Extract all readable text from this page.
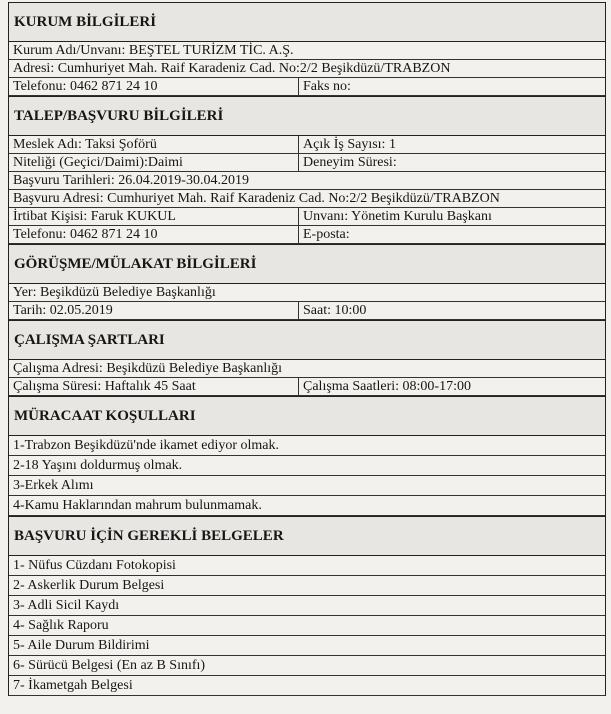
KURUM BİLGİLERİ
Kurum Adı/Unvanı: BEŞTEL TURİZM TİC. A.Ş.
Adresi: Cumhuriyet Mah. Raif Karadeniz Cad. No:2/2 Beşikdüzü/TRABZON
Telefonu: 0462 871 24 10	Faks no:
TALEP/BAŞVURU BİLGİLERİ
Meslek Adı: Taksi Şoförü	Açık İş Sayısı: 1
Niteliği (Geçici/Daimi):Daimi	Deneyim Süresi:
Başvuru Tarihleri: 26.04.2019-30.04.2019
Başvuru Adresi: Cumhuriyet Mah. Raif Karadeniz Cad. No:2/2 Beşikdüzü/TRABZON
İrtibat Kişisi: Faruk KUKUL	Unvanı: Yönetim Kurulu Başkanı
Telefonu: 0462 871 24 10	E-posta:
GÖRÜŞME/MÜLAKAT BİLGİLERİ
Yer: Beşikdüzü Belediye Başkanlığı
Tarih: 02.05.2019	Saat: 10:00
ÇALIŞMA ŞARTLARI
Çalışma Adresi: Beşikdüzü Belediye Başkanlığı
Çalışma Süresi: Haftalık 45 Saat	Çalışma Saatleri: 08:00-17:00
MÜRACAAT KOŞULLARI
1-Trabzon Beşikdüzü'nde ikamet ediyor olmak.
2-18 Yaşını doldurmuş olmak.
3-Erkek Alımı
4-Kamu Haklarından mahrum bulunmamak.
BAŞVURU İÇİN GEREKLİ BELGELER
1- Nüfus Cüzdanı Fotokopisi
2- Askerlik Durum Belgesi
3- Adli Sicil Kaydı
4- Sağlık Raporu
5- Aile Durum Bildirimi
6- Sürücü Belgesi (En az B Sınıfı)
7- İkametgah Belgesi
